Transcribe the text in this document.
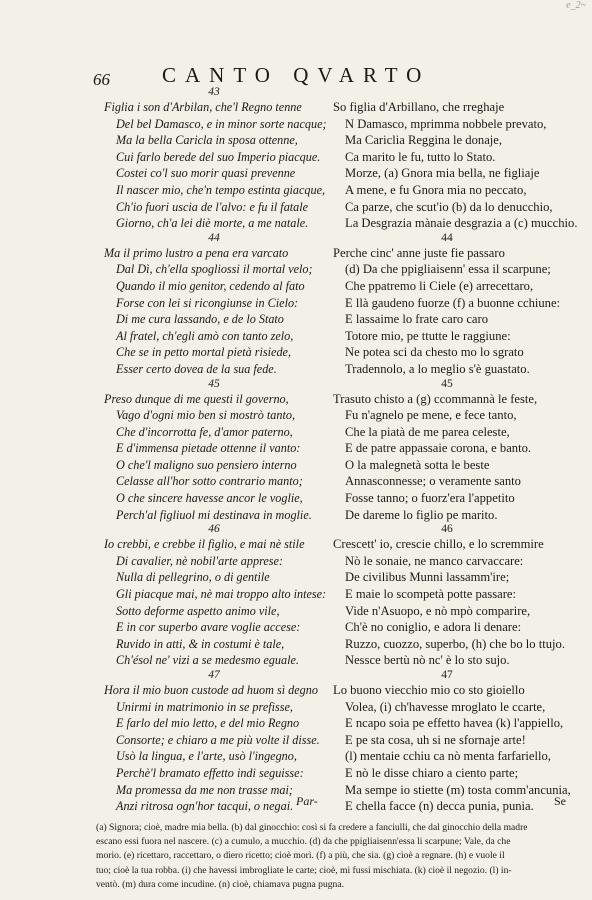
e_2~
66 CANTO QVARTO
43
Figlia i son d'Arbilan, che'l Regno tenne
Del bel Damasco, e in minor sorte nacque;
Ma la bella Caricla in sposa ottenne,
Cui farlo berede del suo Imperio piacque.
Costei co'l suo morir quasi prevenne
Il nascer mio, che'n tempo estinta giacque,
Ch'io fuori uscia de l'alvo: e fu il fatale
Giorno, ch'a lei diè morte, a me natale.
44
Ma il primo lustro a pena era varcato
Dal Dì, ch'ella spogliossi il mortal velo;
Quando il mio genitor, cedendo al fato
Forse con lei si ricongiunse in Cielo:
Di me cura lassando, e de lo Stato
Al fratel, ch'egli amò con tanto zelo,
Che se in petto mortal pietà risiede,
Esser certo dovea de la sua fede.
45
Preso dunque di me questi il governo,
Vago d'ogni mio ben si mostrò tanto,
Che d'incorrotta fe, d'amor paterno,
E d'immensa pietade ottenne il vanto:
O che'l maligno suo pensiero interno
Celasse all'hor sotto contrario manto;
O che sincere havesse ancor le voglie,
Perch'al figliuol mi destinava in moglie.
46
Io crebbi, e crebbe il figlio, e mai nè stile
Di cavalier, nè nobil'arte apprese:
Nulla di pellegrino, o di gentile
Gli piacque mai, nè mai troppo alto intese:
Sotto deforme aspetto animo vile,
E in cor superbo avare voglie accese:
Ruvido in atti, & in costumi è tale,
Ch'ésol ne' vizi a se medesmo eguale.
47
Hora il mio buon custode ad huom sì degno
Unirmi in matrimonio in se prefisse,
E farlo del mio letto, e del mio Regno
Consorte; e chiaro a me più volte il disse.
Usò la lingua, e l'arte, usò l'ingegno,
Perchè'l bramato effetto indi seguisse:
Ma promessa da me non trasse mai;
Anzi ritrosa ogn'hor tacqui, o negai.
So figlia d'Arbillano, che rreghaje
N Damasco, mprimma nobbele prevato,
Ma Cariclia Reggina le donaje,
Ca marito le fu, tutto lo Stato.
Morze, (a) Gnora mia bella, ne figliaje
A mene, e fu Gnora mia no peccato,
Ca parze, che scut'io (b) da lo denucchio,
La Desgrazia mànaie desgrazia a (c) mucchio.
44
Perche cinc' anne juste fie passaro
(d) Da che ppigliaisenn' essa il scarpune;
Che ppatremo li Ciele (e) arrecettaro,
E llà gaudeno fuorze (f) a buonne cchiune:
E lassaime lo frate caro caro
Totore mio, pe ttutte le raggiune:
Ne potea sci da chesto mo lo sgrato
Tradennolo, a lo meglio s'è guastato.
45
Trasuto chisto a (g) ccommannà le feste,
Fu n'agnelo pe mene, e fece tanto,
Che la piatà de me parea celeste,
E de patre appassaie corona, e banto.
O la malegnetà sotta le beste
Annasconnesse; o veramente santo
Fosse tanno; o fuorz'era l'appetito
De dareme lo figlio pe marito.
46
Crescett' io, crescie chillo, e lo scremmire
Nò le sonaie, ne manco carvaccare:
De civilibus Munni lassamm'ire;
E maie lo scompetà potte passare:
Vide n'Asuopo, e nò mpò comparire,
Ch'è no coniglio, e adora li denare:
Ruzzo, cuozzo, superbo, (h) che bo lo ttujo.
Nessce bertù nò nc' è lo sto sujo.
47
Lo buono viecchio mio co sto gioiello
Volea, (i) ch'havesse mroglato le ccarte,
E ncapo soia pe effetto havea (k) l'appiello,
E pe sta cosa, uh si ne sfornaje arte!
(l) mentaie cchiu ca nò menta farfariello,
E nò le disse chiaro a ciento parte;
Ma sempe io stiette (m) tosta comm'ancunia,
E chella facce (n) decca punia, punia.
Par-	Se
(a) Signora; cioè, madre mia bella. (b) dal ginocchio: così si fa credere a fanciulli, che dal ginocchio della madre
escano essi fuora nel nascere. (c) a cumulo, a mucchio. (d) da che ppigliaisenn'essa li scarpune; Vale, da che
morio. (e) ricettaro, raccettaro, o diero ricetto; cioè morì. (f) a più, che sia. (g) cioè a regnare. (h) e vuole il
tuo; cioè la tua robba. (i) che havessi imbrogliate le carte; cioè, mi fussi mischiata. (k) cioè il negozio. (l) in-
ventò. (m) dura come incudine. (n) cioè, chiamava pugna pugna.
